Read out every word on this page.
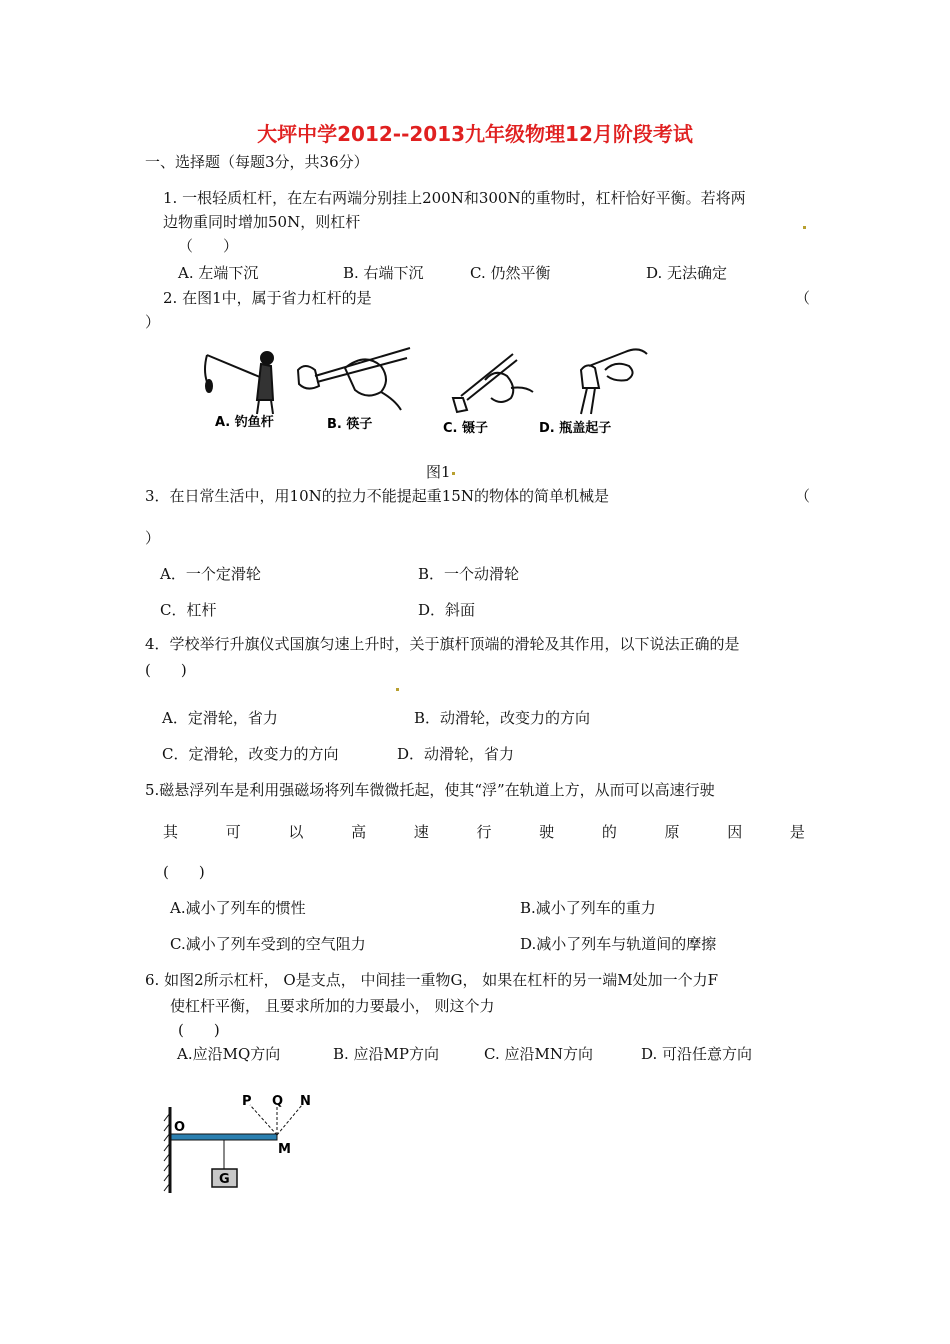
大坪中学2012--2013九年级物理12月阶段考试
一、选择题（每题3分，共36分）
1. 一根轻质杠杆，在左右两端分别挂上200N和300N的重物时，杠杆恰好平衡。若将两
边物重同时增加50N，则杠杆
（　　）
A. 左端下沉	B. 右端下沉	C. 仍然平衡	D. 无法确定
2. 在图1中，属于省力杠杆的是	（
）
A. 钓鱼杆	B. 筷子	C. 镊子	D. 瓶盖起子
图1
3．在日常生活中，用10N的拉力不能提起重15N的物体的简单机械是	（
）
A．一个定滑轮	B．一个动滑轮
C．杠杆	D．斜面
4．学校举行升旗仪式国旗匀速上升时，关于旗杆顶端的滑轮及其作用，以下说法正确的是
(　　)
A．定滑轮，省力	B．动滑轮，改变力的方向
C．定滑轮，改变力的方向	D．动滑轮，省力
5.磁悬浮列车是利用强磁场将列车微微托起，使其“浮”在轨道上方，从而可以高速行驶
其	可	以	高	速	行	驶	的	原	因	是
(　　)
A.减小了列车的惯性	B.减小了列车的重力
C.减小了列车受到的空气阻力	D.减小了列车与轨道间的摩擦
6. 如图2所示杠杆， O是支点， 中间挂一重物G， 如果在杠杆的另一端M处加一个力F
使杠杆平衡， 且要求所加的力要最小， 则这个力
(　　)
A.应沿MQ方向	B. 应沿MP方向	C. 应沿MN方向	D. 可沿任意方向
P Q N
O
M
G
